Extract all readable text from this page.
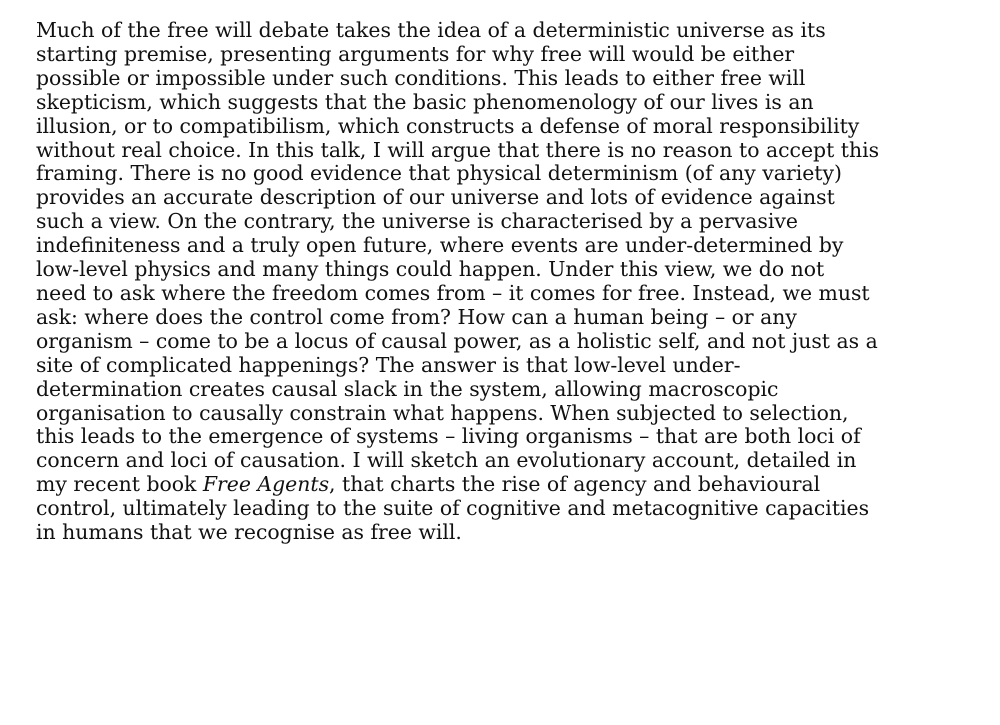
Much of the free will debate takes the idea of a deterministic universe as its
starting premise, presenting arguments for why free will would be either
possible or impossible under such conditions. This leads to either free will
skepticism, which suggests that the basic phenomenology of our lives is an
illusion, or to compatibilism, which constructs a defense of moral responsibility
without real choice. In this talk, I will argue that there is no reason to accept this
framing. There is no good evidence that physical determinism (of any variety)
provides an accurate description of our universe and lots of evidence against
such a view. On the contrary, the universe is characterised by a pervasive
indefiniteness and a truly open future, where events are under-determined by
low-level physics and many things could happen. Under this view, we do not
need to ask where the freedom comes from – it comes for free. Instead, we must
ask: where does the control come from? How can a human being – or any
organism – come to be a locus of causal power, as a holistic self, and not just as a
site of complicated happenings? The answer is that low-level under-
determination creates causal slack in the system, allowing macroscopic
organisation to causally constrain what happens. When subjected to selection,
this leads to the emergence of systems – living organisms – that are both loci of
concern and loci of causation. I will sketch an evolutionary account, detailed in
my recent book Free Agents, that charts the rise of agency and behavioural
control, ultimately leading to the suite of cognitive and metacognitive capacities
in humans that we recognise as free will.
